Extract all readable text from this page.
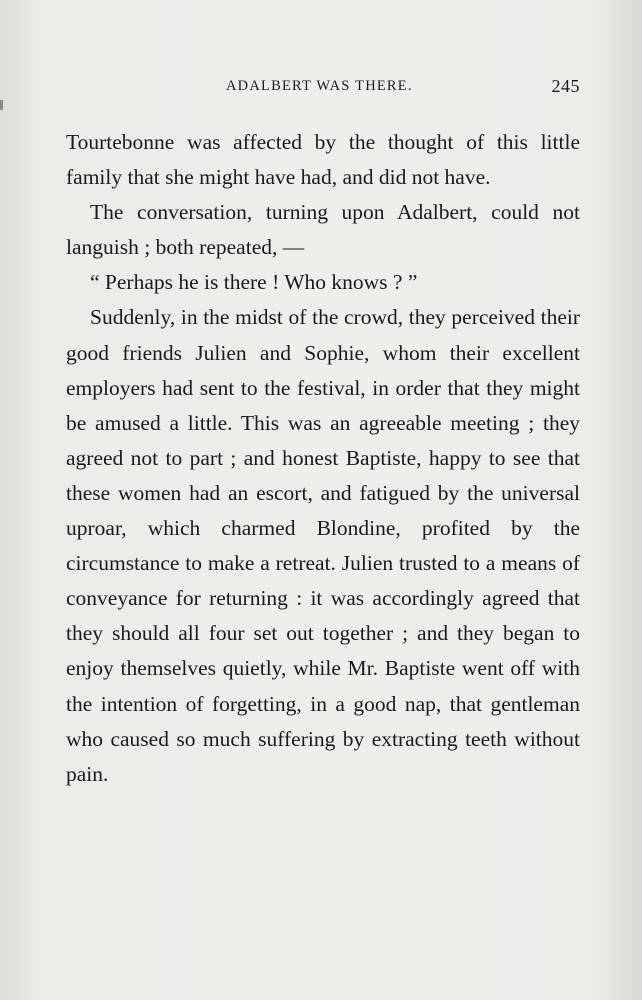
ADALBERT WAS THERE.	245

Tourtebonne was affected by the thought of this little family that she might have had, and did not have.

The conversation, turning upon Adalbert, could not languish ; both repeated, —

“ Perhaps he is there ! Who knows ? ”

Suddenly, in the midst of the crowd, they perceived their good friends Julien and Sophie, whom their excellent employers had sent to the festival, in order that they might be amused a little. This was an agreeable meeting ; they agreed not to part ; and honest Baptiste, happy to see that these women had an escort, and fatigued by the universal uproar, which charmed Blondine, profited by the circumstance to make a retreat. Julien trusted to a means of conveyance for returning : it was accordingly agreed that they should all four set out together ; and they began to enjoy themselves quietly, while Mr. Baptiste went off with the intention of forgetting, in a good nap, that gentleman who caused so much suffering by extracting teeth without pain.
